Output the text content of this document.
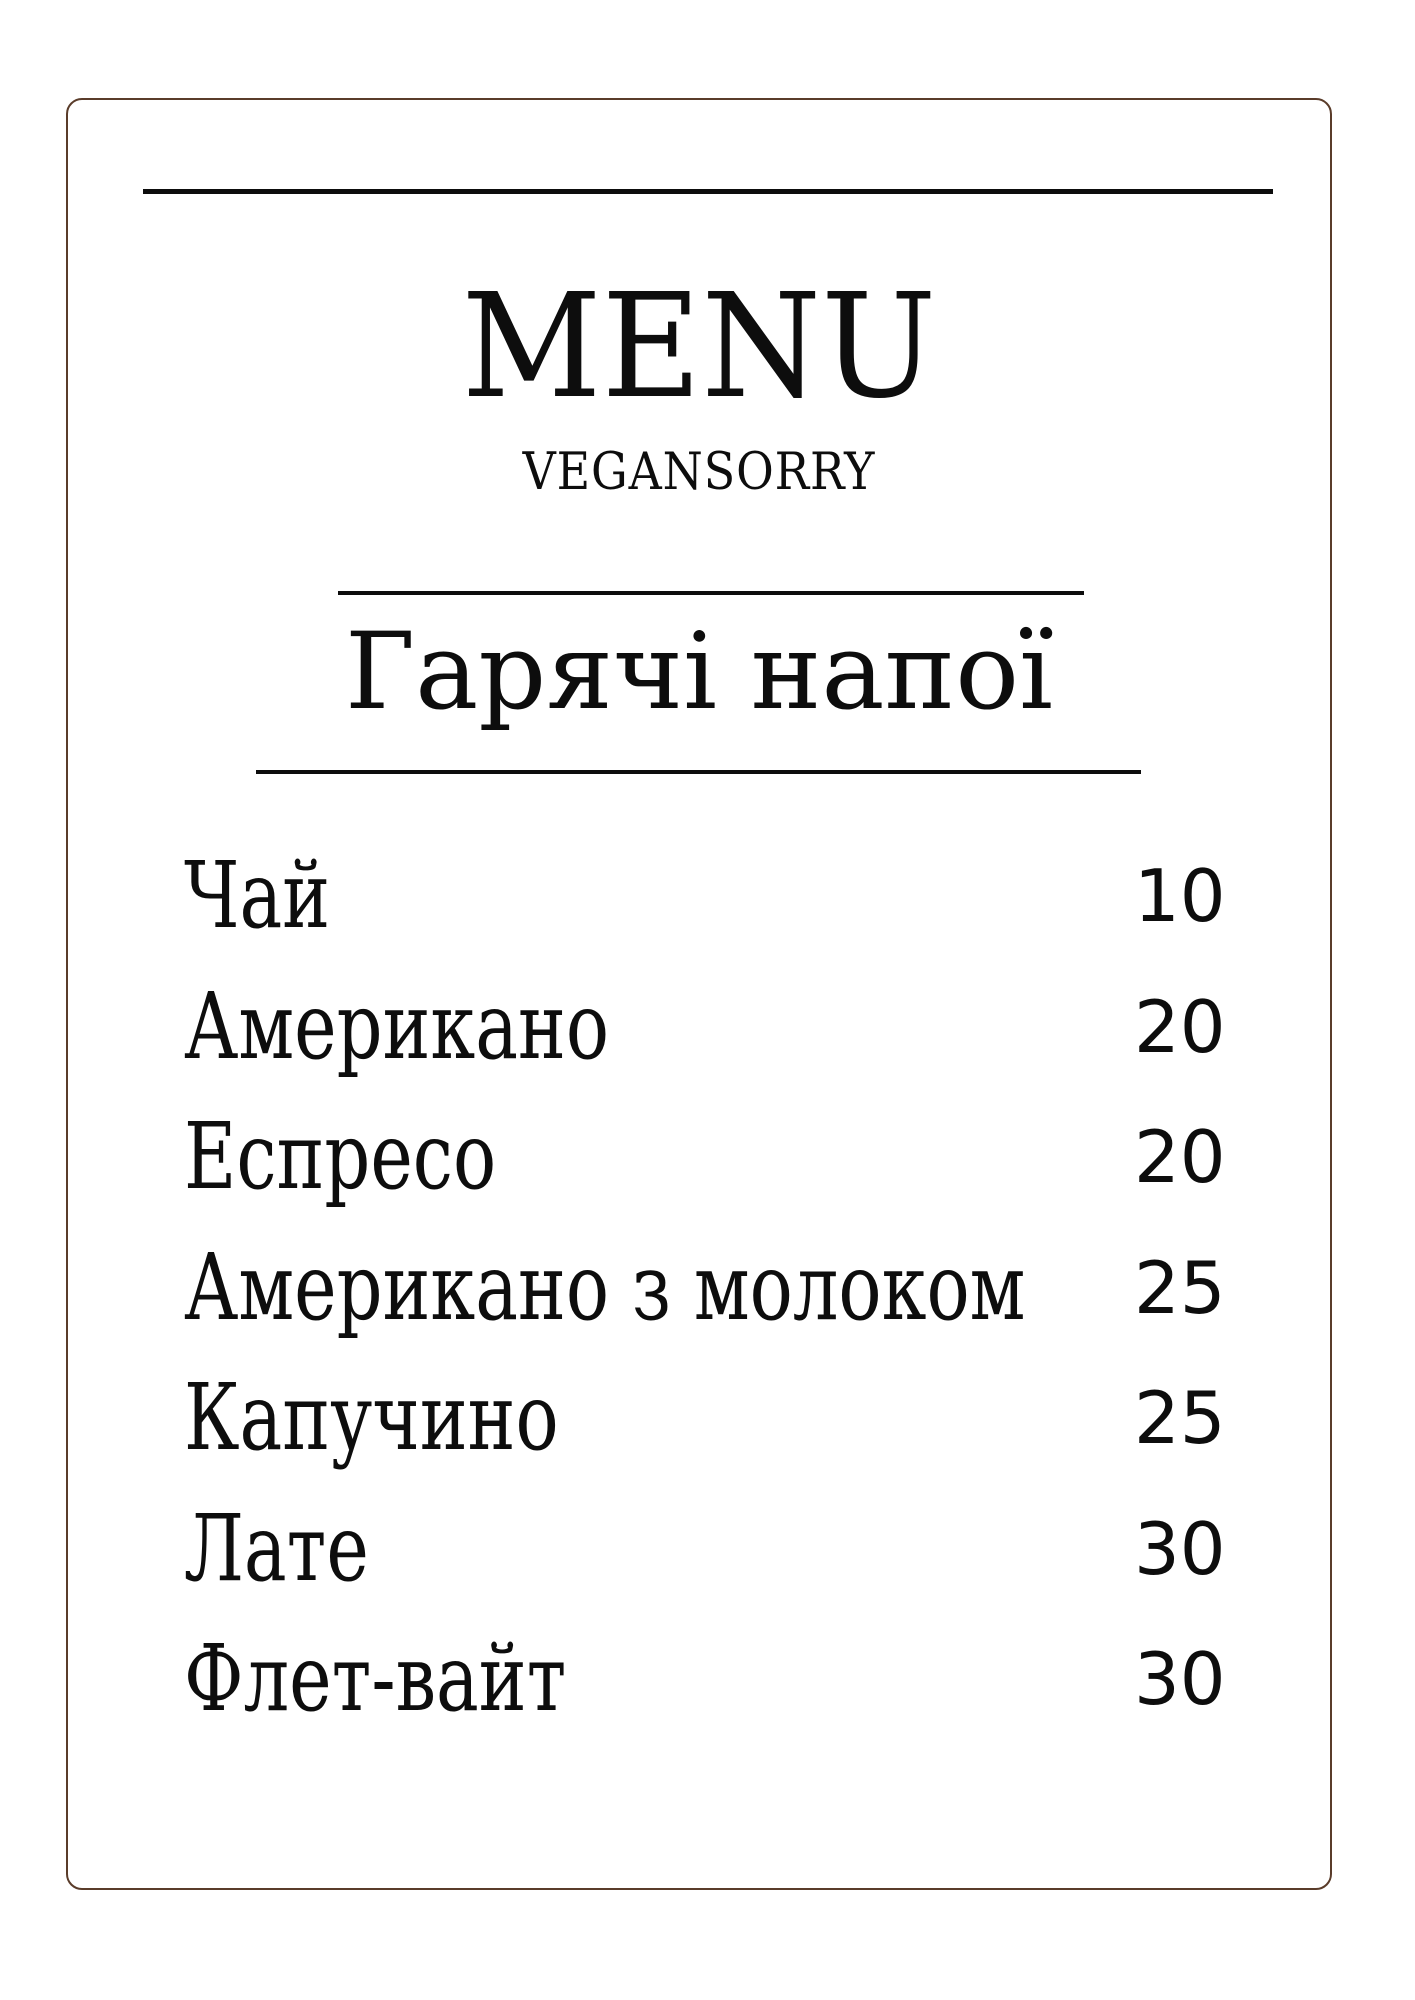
MENU
VEGANSORRY
Гарячі напої
Чай	10
Американо	20
Еспресо	20
Американо з молоком 25
Капучино	25
Лате	30
Флет-вайт	30
